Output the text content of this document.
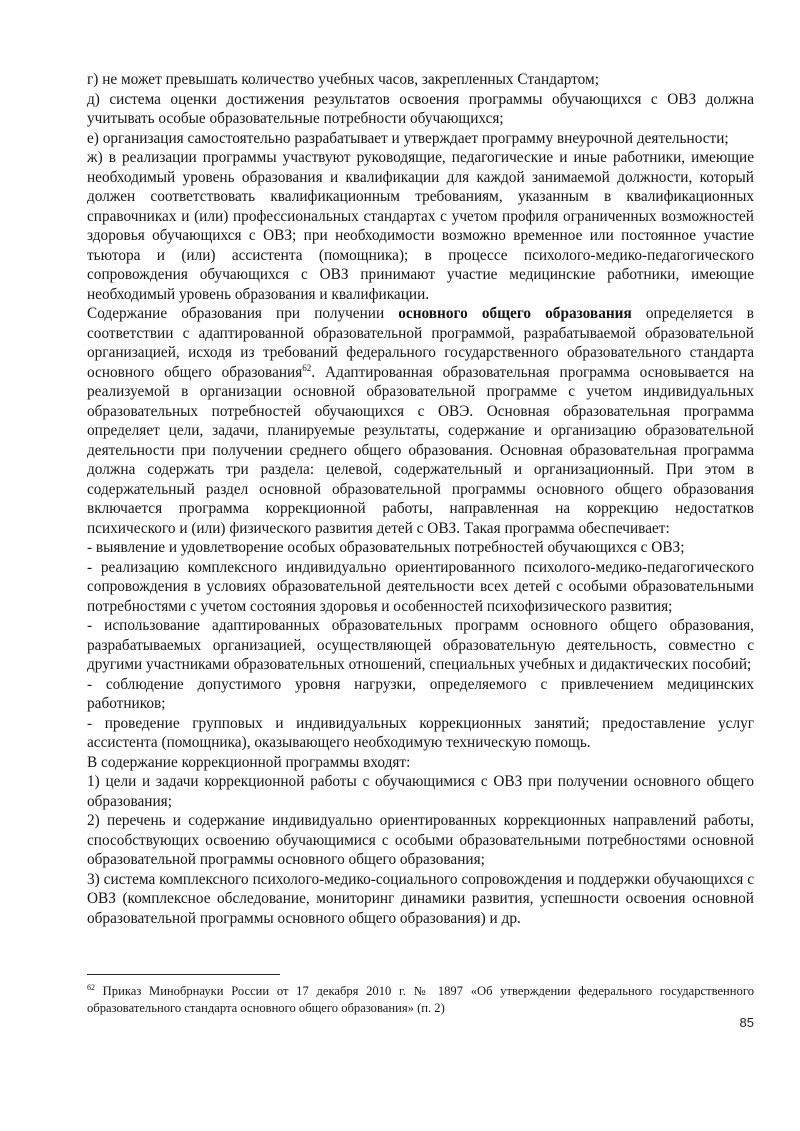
г) не может превышать количество учебных часов, закрепленных Стандартом;

д) система оценки достижения результатов освоения программы обучающихся с ОВЗ должна учитывать особые образовательные потребности обучающихся;

е) организация самостоятельно разрабатывает и утверждает программу внеурочной деятельности;

ж) в реализации программы участвуют руководящие, педагогические и иные работники, имеющие необходимый уровень образования и квалификации для каждой занимаемой должности, который должен соответствовать квалификационным требованиям, указанным в квалификационных справочниках и (или) профессиональных стандартах с учетом профиля ограниченных возможностей здоровья обучающихся с ОВЗ; при необходимости возможно временное или постоянное участие тьютора и (или) ассистента (помощника); в процессе психолого-медико-педагогического сопровождения обучающихся с ОВЗ принимают участие медицинские работники, имеющие необходимый уровень образования и квалификации.

Содержание образования при получении основного общего образования определяется в соответствии с адаптированной образовательной программой, разрабатываемой образовательной организацией, исходя из требований федерального государственного образовательного стандарта основного общего образования$^{62}$. Адаптированная образовательная программа основывается на реализуемой в организации основной образовательной программе с учетом индивидуальных образовательных потребностей обучающихся с ОВЭ. Основная образовательная программа определяет цели, задачи, планируемые результаты, содержание и организацию образовательной деятельности при получении среднего общего образования. Основная образовательная программа должна содержать три раздела: целевой, содержательный и организационный. При этом в содержательный раздел основной образовательной программы основного общего образования включается программа коррекционной работы, направленная на коррекцию недостатков психического и (или) физического развития детей с ОВЗ. Такая программа обеспечивает:

- выявление и удовлетворение особых образовательных потребностей обучающихся с ОВЗ;

- реализацию комплексного индивидуально ориентированного психолого-медико-педагогического сопровождения в условиях образовательной деятельности всех детей с особыми образовательными потребностями с учетом состояния здоровья и особенностей психофизического развития;

- использование адаптированных образовательных программ основного общего образования, разрабатываемых организацией, осуществляющей образовательную деятельность, совместно с другими участниками образовательных отношений, специальных учебных и дидактических пособий;

- соблюдение допустимого уровня нагрузки, определяемого с привлечением медицинских работников;

- проведение групповых и индивидуальных коррекционных занятий; предоставление услуг ассистента (помощника), оказывающего необходимую техническую помощь.

В содержание коррекционной программы входят:

1) цели и задачи коррекционной работы с обучающимися с ОВЗ при получении основного общего образования;

2) перечень и содержание индивидуально ориентированных коррекционных направлений работы, способствующих освоению обучающимися с особыми образовательными потребностями основной образовательной программы основного общего образования;

3) система комплексного психолого-медико-социального сопровождения и поддержки обучающихся с ОВЗ (комплексное обследование, мониторинг динамики развития, успешности освоения основной образовательной программы основного общего образования) и др.

$^{62}$ Приказ Минобрнауки России от 17 декабря 2010 г. № 1897 «Об утверждении федерального государственного образовательного стандарта основного общего образования» (п. 2)
85
